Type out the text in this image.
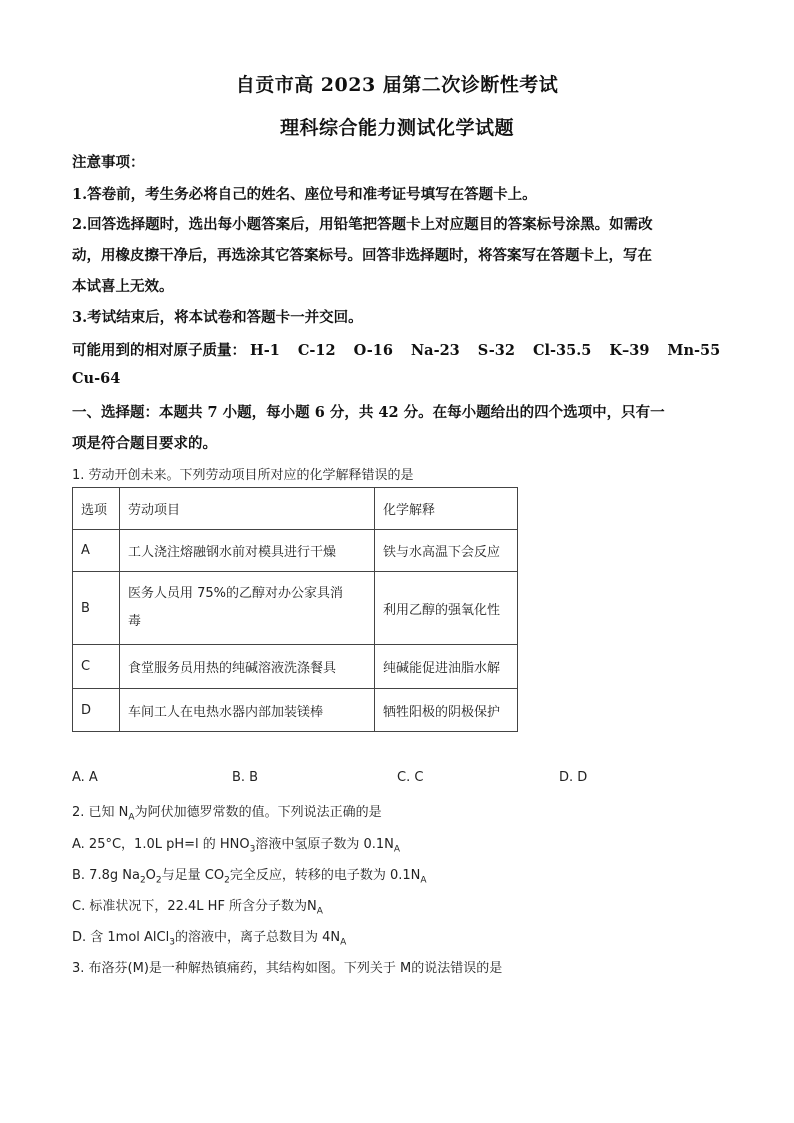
自贡市高 2023 届第二次诊断性考试
理科综合能力测试化学试题
注意事项：
1.答卷前，考生务必将自己的姓名、座位号和准考证号填写在答题卡上。
2.回答选择题时，选出每小题答案后，用铅笔把答题卡上对应题目的答案标号涂黑。如需改
动，用橡皮擦干净后，再选涂其它答案标号。回答非选择题时，将答案写在答题卡上，写在
本试喜上无效。
3.考试结束后，将本试卷和答题卡一并交回。
可能用到的相对原子质量： H-1 C-12 O-16 Na-23 S-32 Cl-35.5 K–39 Mn-55
Cu-64
一、选择题：本题共 7 小题，每小题 6 分，共 42 分。在每小题给出的四个选项中，只有一
项是符合题目要求的。
1. 劳动开创未来。下列劳动项目所对应的化学解释错误的是
选项	劳动项目	化学解释
A	工人浇注熔融钢水前对模具进行干燥	铁与水高温下会反应
B	医务人员用 75%的乙醇对办公家具消
毒	利用乙醇的强氧化性
C	食堂服务员用热的纯碱溶液洗涤餐具	纯碱能促进油脂水解
D	车间工人在电热水器内部加装镁棒	牺牲阳极的阴极保护
A. A	B. B	C. C	D. D
2. 已知 $N_A$为阿伏加德罗常数的值。下列说法正确的是
A. 25°C，1.0L pH=l 的 $HNO_3$溶液中氢原子数为 $0.1N_A$
B. 7.8g $Na_2O_2$与足量 $CO_2$完全反应，转移的电子数为 $0.1N_A$
C. 标准状况下，22.4L HF 所含分子数为$N_A$
D. 含 1mol AlCl$_3$的溶液中，离子总数目为 $4N_A$
3. 布洛芬(M)是一种解热镇痛药，其结构如图。下列关于 M的说法错误的是
